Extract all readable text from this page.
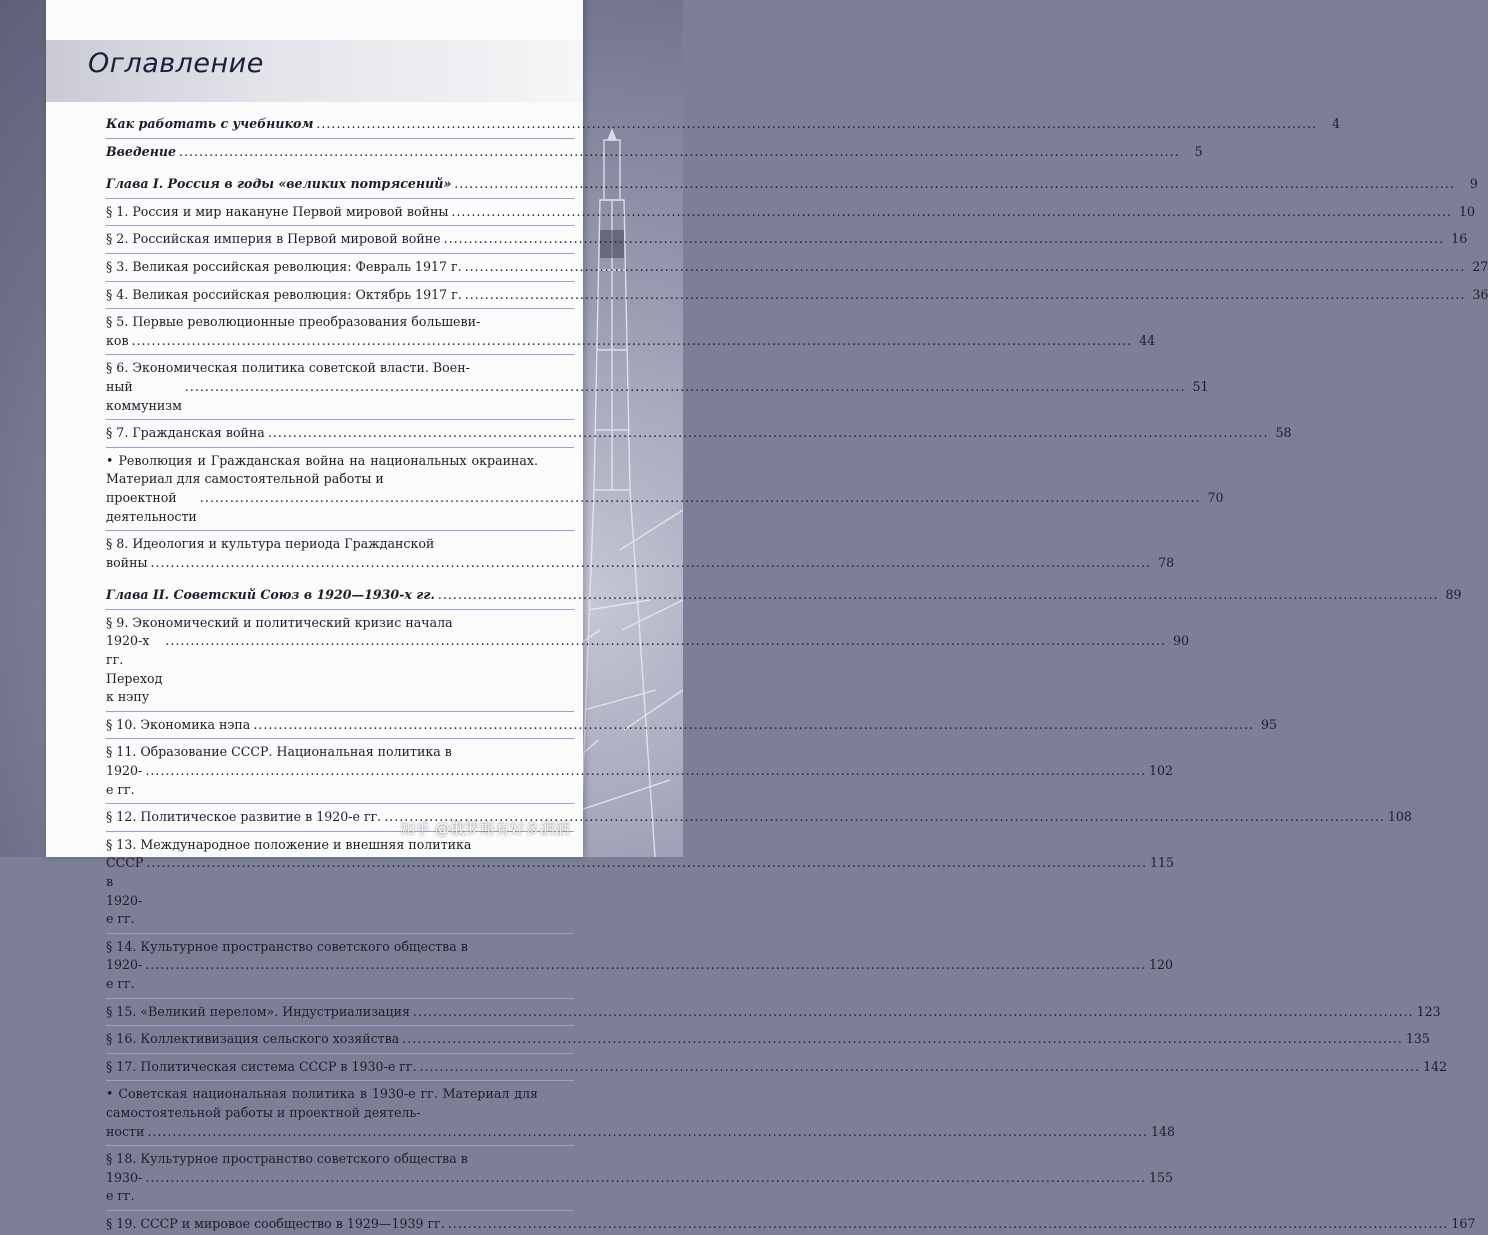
Оглавление
Как работать с учебником ........................................................................................................................................................................................................	4
Введение ........................................................................................................................................................................................................	5
Глава I. Россия в годы «великих потрясений» ........................................................................................................................................................................................................	9
§ 1. Россия и мир накануне Первой мировой войны ........................................................................................................................................................................................................ 10
§ 2. Российская империя в Первой мировой войне ........................................................................................................................................................................................................ 16
§ 3. Великая российская революция: Февраль 1917 г. ........................................................................................................................................................................................................ 27
§ 4. Великая российская революция: Октябрь 1917 г. ........................................................................................................................................................................................................ 36
§ 5. Первые революционные преобразования большеви-
ков ........................................................................................................................................................................................................ 44
§ 6. Экономическая политика советской власти. Воен-
ный коммунизм
........................................................................................................................................................................................................ 51
§ 7. Гражданская война ........................................................................................................................................................................................................ 58
• Революция и Гражданская война на национальных окраинах. Материал для самостоятельной работы и
проектной деятельности
........................................................................................................................................................................................................ 70
§ 8. Идеология и культура периода Гражданской
войны ........................................................................................................................................................................................................ 78
Глава II. Советский Союз в 1920—1930-х гг. ........................................................................................................................................................................................................ 89
§ 9. Экономический и политический кризис начала
1920-х гг. Переход к нэпу
........................................................................................................................................................................................................ 90
§ 10. Экономика нэпа ........................................................................................................................................................................................................ 95
§ 11. Образование СССР. Национальная политика в
1920-е гг.
........................................................................................................................................................................................................ 102
§ 12. Политическое развитие в 1920-е гг. ........................................................................................................................................................................................................ 108
§ 13. Международное положение и внешняя политика
СССР в 1920-е гг.
........................................................................................................................................................................................................ 115
§ 14. Культурное пространство советского общества в
1920-е гг.
........................................................................................................................................................................................................ 120
§ 15. «Великий перелом». Индустриализация ........................................................................................................................................................................................................ 123
§ 16. Коллективизация сельского хозяйства ........................................................................................................................................................................................................ 135
§ 17. Политическая система СССР в 1930-е гг. ........................................................................................................................................................................................................ 142
• Советская национальная политика в 1930-е гг. Материал для самостоятельной работы и проектной деятель-
ности ........................................................................................................................................................................................................ 148
§ 18. Культурное пространство советского общества в
1930-е гг.
........................................................................................................................................................................................................ 155
§ 19. СССР и мировое сообщество в 1929—1939 гг. ........................................................................................................................................................................................................ 167
知乎 @俄罗斯有好多洒洒
